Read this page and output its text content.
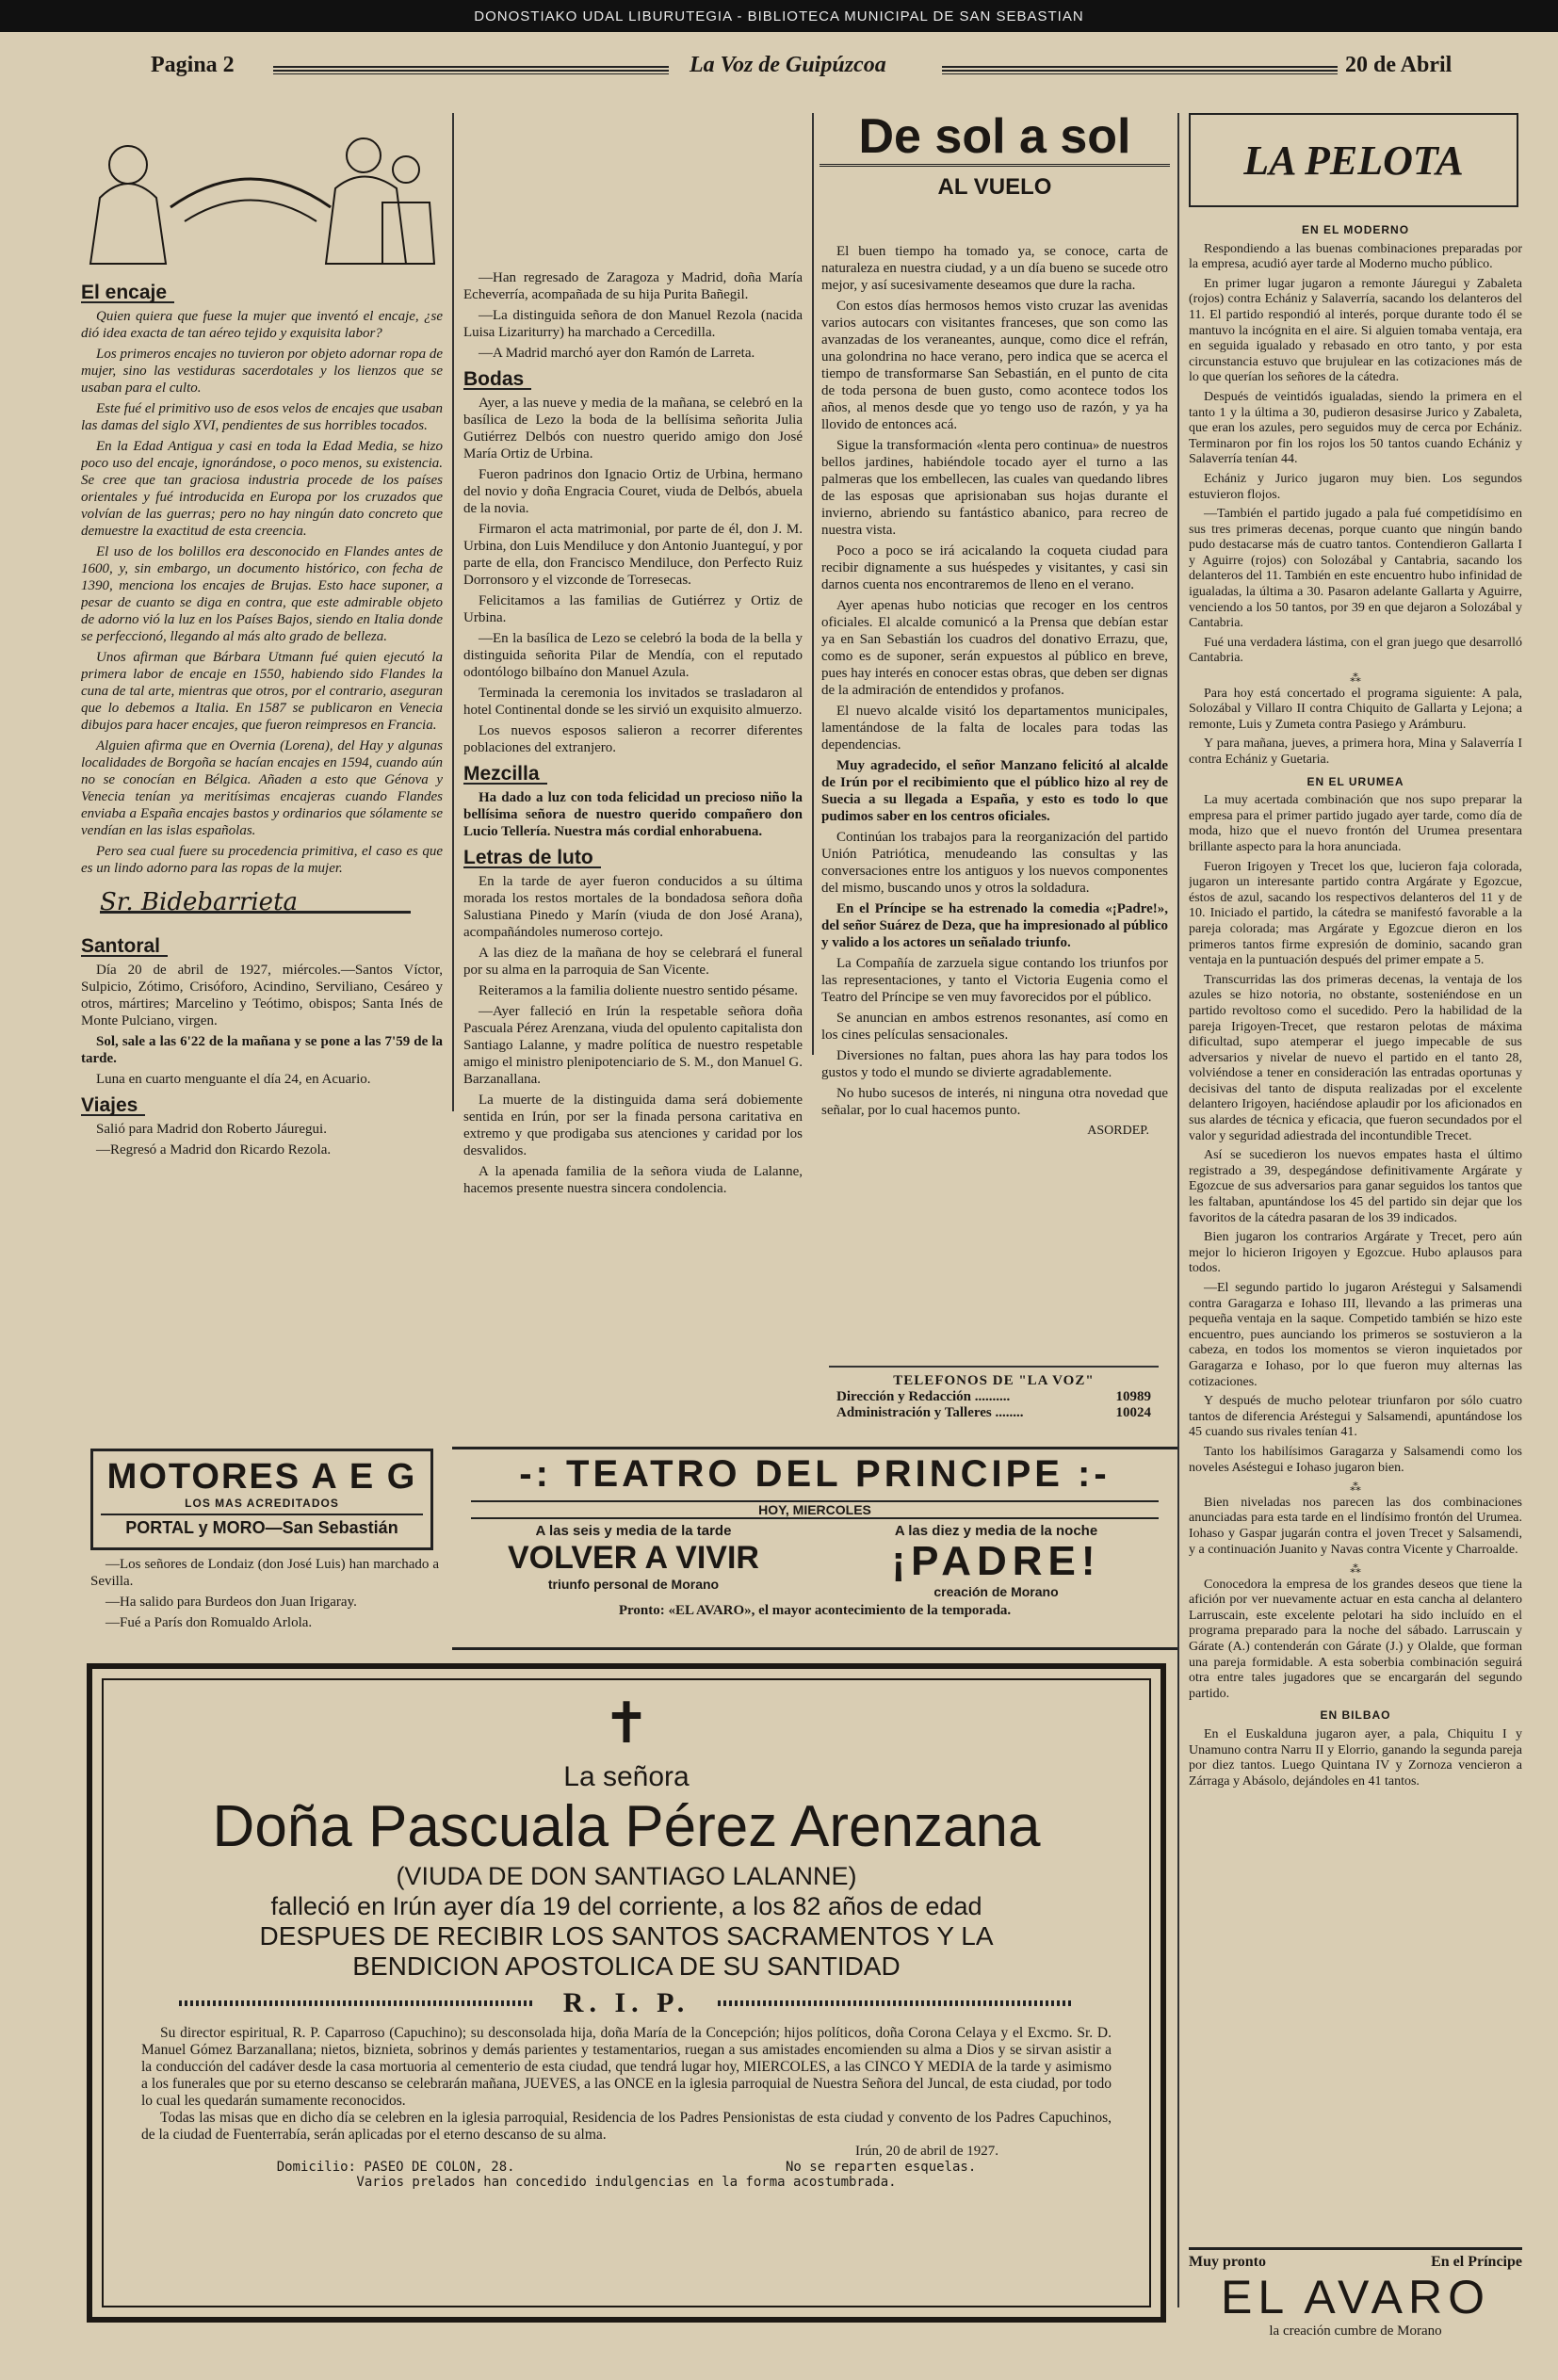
DONOSTIAKO UDAL LIBURUTEGIA - BIBLIOTECA MUNICIPAL DE SAN SEBASTIAN
Pagina 2	La Voz de Guipúzcoa	20 de Abril
El encaje

Quien quiera que fuese la mujer que inventó el encaje, ¿se dió idea exacta de tan aéreo tejido y exquisita labor?

Los primeros encajes no tuvieron por objeto adornar ropa de mujer, sino las vestiduras sacerdotales y los lienzos que se usaban para el culto.

Este fué el primitivo uso de esos velos de encajes que usaban las damas del siglo XVI, pendientes de sus horribles tocados.

En la Edad Antigua y casi en toda la Edad Media, se hizo poco uso del encaje, ignorándose, o poco menos, su existencia. Se cree que tan graciosa industria procede de los países orientales y fué introducida en Europa por los cruzados que volvían de las guerras; pero no hay ningún dato concreto que demuestre la exactitud de esta creencia.

El uso de los bolillos era desconocido en Flandes antes de 1600, y, sin embargo, un documento histórico, con fecha de 1390, menciona los encajes de Brujas. Esto hace suponer, a pesar de cuanto se diga en contra, que este admirable objeto de adorno vió la luz en los Países Bajos, siendo en Italia donde se perfeccionó, llegando al más alto grado de belleza.

Unos afirman que Bárbara Utmann fué quien ejecutó la primera labor de encaje en 1550, habiendo sido Flandes la cuna de tal arte, mientras que otros, por el contrario, aseguran que lo debemos a Italia. En 1587 se publicaron en Venecia dibujos para hacer encajes, que fueron reimpresos en Francia.

Alguien afirma que en Overnia (Lorena), del Hay y algunas localidades de Borgoña se hacían encajes en 1594, cuando aún no se conocían en Bélgica. Añaden a esto que Génova y Venecia tenían ya meritísimas encajeras cuando Flandes enviaba a España encajes bastos y ordinarios que sólamente se vendían en las islas españolas.

Pero sea cual fuere su procedencia primitiva, el caso es que es un lindo adorno para las ropas de la mujer.

Sr. Bidebarrieta
Santoral

Día 20 de abril de 1927, miércoles.—Santos Víctor, Sulpicio, Zótimo, Crisóforo, Acindino, Serviliano, Cesáreo y otros, mártires; Marcelino y Teótimo, obispos; Santa Inés de Monte Pulciano, virgen.

Sol, sale a las 6'22 de la mañana y se pone a las 7'59 de la tarde.

Luna en cuarto menguante el día 24, en Acuario.

Viajes

Salió para Madrid don Roberto Jáuregui.

—Regresó a Madrid don Ricardo Rezola.

MOTORES A E G
LOS MAS ACREDITADOS
PORTAL y MORO—San Sebastián

—Los señores de Londaiz (don José Luis) han marchado a Sevilla.

—Ha salido para Burdeos don Juan Irigaray.

—Fué a París don Romualdo Arlola.

—Han regresado de Zaragoza y Madrid, doña María Echeverría, acompañada de su hija Purita Bañegil.

—La distinguida señora de don Manuel Rezola (nacida Luisa Lizariturry) ha marchado a Cercedilla.

—A Madrid marchó ayer don Ramón de Larreta.

Bodas

Ayer, a las nueve y media de la mañana, se celebró en la basílica de Lezo la boda de la bellísima señorita Julia Gutiérrez Delbós con nuestro querido amigo don José María Ortiz de Urbina.

Fueron padrinos don Ignacio Ortiz de Urbina, hermano del novio y doña Engracia Couret, viuda de Delbós, abuela de la novia.

Firmaron el acta matrimonial, por parte de él, don J. M. Urbina, don Luis Mendiluce y don Antonio Juanteguí, y por parte de ella, don Francisco Mendiluce, don Perfecto Ruiz Dorronsoro y el vizconde de Torresecas.

Felicitamos a las familias de Gutiérrez y Ortiz de Urbina.

—En la basílica de Lezo se celebró la boda de la bella y distinguida señorita Pilar de Mendía, con el reputado odontólogo bilbaíno don Manuel Azula.

Terminada la ceremonia los invitados se trasladaron al hotel Continental donde se les sirvió un exquisito almuerzo.

Los nuevos esposos salieron a recorrer diferentes poblaciones del extranjero.

Mezcilla

Ha dado a luz con toda felicidad un precioso niño la bellísima señora de nuestro querido compañero don Lucio Tellería. Nuestra más cordial enhorabuena.

Letras de luto

En la tarde de ayer fueron conducidos a su última morada los restos mortales de la bondadosa señora doña Salustiana Pinedo y Marín (viuda de don José Arana), acompañándoles numeroso cortejo.

A las diez de la mañana de hoy se celebrará el funeral por su alma en la parroquia de San Vicente.

Reiteramos a la familia doliente nuestro sentido pésame.

—Ayer falleció en Irún la respetable señora doña Pascuala Pérez Arenzana, viuda del opulento capitalista don Santiago Lalanne, y madre política de nuestro respetable amigo el ministro plenipotenciario de S. M., don Manuel G. Barzanallana.

La muerte de la distinguida dama será dobiemente sentida en Irún, por ser la finada persona caritativa en extremo y que prodigaba sus atenciones y caridad por los desvalidos.

A la apenada familia de la señora viuda de Lalanne, hacemos presente nuestra sincera condolencia.

De sol a sol
AL VUELO

El buen tiempo ha tomado ya, se conoce, carta de naturaleza en nuestra ciudad, y a un día bueno se sucede otro mejor, y así sucesivamente deseamos que dure la racha.

Con estos días hermosos hemos visto cruzar las avenidas varios autocars con visitantes franceses, que son como las avanzadas de los veraneantes, aunque, como dice el refrán, una golondrina no hace verano, pero indica que se acerca el tiempo de transformarse San Sebastián, en el punto de cita de toda persona de buen gusto, como acontece todos los años, al menos desde que yo tengo uso de razón, y ya ha llovido de entonces acá.

Sigue la transformación «lenta pero continua» de nuestros bellos jardines, habiéndole tocado ayer el turno a las palmeras que los embellecen, las cuales van quedando libres de las esposas que aprisionaban sus hojas durante el invierno, abriendo su fantástico abanico, para recreo de nuestra vista.

Poco a poco se irá acicalando la coqueta ciudad para recibir dignamente a sus huéspedes y visitantes, y casi sin darnos cuenta nos encontraremos de lleno en el verano.

Ayer apenas hubo noticias que recoger en los centros oficiales. El alcalde comunicó a la Prensa que debían estar ya en San Sebastián los cuadros del donativo Errazu, que, como es de suponer, serán expuestos al público en breve, pues hay interés en conocer estas obras, que deben ser dignas de la admiración de entendidos y profanos.

El nuevo alcalde visitó los departamentos municipales, lamentándose de la falta de locales para todas las dependencias.

Muy agradecido, el señor Manzano felicitó al alcalde de Irún por el recibimiento que el público hizo al rey de Suecia a su llegada a España, y esto es todo lo que pudimos saber en los centros oficiales.

Continúan los trabajos para la reorganización del partido Unión Patriótica, menudeando las consultas y las conversaciones entre los antiguos y los nuevos componentes del mismo, buscando unos y otros la soldadura.

En el Príncipe se ha estrenado la comedia «¡Padre!», del señor Suárez de Deza, que ha impresionado al público y valido a los actores un señalado triunfo.

La Compañía de zarzuela sigue contando los triunfos por las representaciones, y tanto el Victoria Eugenia como el Teatro del Príncipe se ven muy favorecidos por el público.

Se anuncian en ambos estrenos resonantes, así como en los cines películas sensacionales.

Diversiones no faltan, pues ahora las hay para todos los gustos y todo el mundo se divierte agradablemente.

No hubo sucesos de interés, ni ninguna otra novedad que señalar, por lo cual hacemos punto.

ASORDEP.
TELEFONOS DE "LA VOZ"
Dirección y Redacción ..........	10989
Administración y Talleres ........	10024
-: TEATRO DEL PRINCIPE :-
HOY, MIERCOLES
A las seis y media de la tarde
VOLVER A VIVIR
triunfo personal de Morano
A las diez y media de la noche
¡PADRE!
creación de Morano
Pronto: «EL AVARO», el mayor acontecimiento de la temporada.
✝
La señora
Doña Pascuala Pérez Arenzana
(VIUDA DE DON SANTIAGO LALANNE)
falleció en Irún ayer día 19 del corriente, a los 82 años de edad
DESPUES DE RECIBIR LOS SANTOS SACRAMENTOS Y LA
BENDICION APOSTOLICA DE SU SANTIDAD
R. I. P.

Su director espiritual, R. P. Caparroso (Capuchino); su desconsolada hija, doña María de la Concepción; hijos políticos, doña Corona Celaya y el Excmo. Sr. D. Manuel Gómez Barzanallana; nietos, biznieta, sobrinos y demás parientes y testamentarios, ruegan a sus amistades encomienden su alma a Dios y se sirvan asistir a la conducción del cadáver desde la casa mortuoria al cementerio de esta ciudad, que tendrá lugar hoy, MIERCOLES, a las CINCO Y MEDIA de la tarde y asimismo a los funerales que por su eterno descanso se celebrarán mañana, JUEVES, a las ONCE en la iglesia parroquial de Nuestra Señora del Juncal, de esta ciudad, por todo lo cual les quedarán sumamente reconocidos.

Todas las misas que en dicho día se celebren en la iglesia parroquial, Residencia de los Padres Pensionistas de esta ciudad y convento de los Padres Capuchinos, de la ciudad de Fuenterrabía, serán aplicadas por el eterno descanso de su alma.

Irún, 20 de abril de 1927.
Domicilio: PASEO DE COLON, 28.	No se reparten esquelas.
Varios prelados han concedido indulgencias en la forma acostumbrada.
LA PELOTA
EN EL MODERNO

Respondiendo a las buenas combinaciones preparadas por la empresa, acudió ayer tarde al Moderno mucho público.

En primer lugar jugaron a remonte Jáuregui y Zabaleta (rojos) contra Echániz y Salaverría, sacando los delanteros del 11. El partido respondió al interés, porque durante todo él se mantuvo la incógnita en el aire. Si alguien tomaba ventaja, era en seguida igualado y rebasado en otro tanto, y por esta circunstancia estuvo que brujulear en las cotizaciones más de lo que querían los señores de la cátedra.

Después de veintidós igualadas, siendo la primera en el tanto 1 y la última a 30, pudieron desasirse Jurico y Zabaleta, que eran los azules, pero seguidos muy de cerca por Echániz. Terminaron por fin los rojos los 50 tantos cuando Echániz y Salaverría tenían 44.

Echániz y Jurico jugaron muy bien. Los segundos estuvieron flojos.

—También el partido jugado a pala fué competidísimo en sus tres primeras decenas, porque cuanto que ningún bando pudo destacarse más de cuatro tantos. Contendieron Gallarta I y Aguirre (rojos) con Solozábal y Cantabria, sacando los delanteros del 11. También en este encuentro hubo infinidad de igualadas, la última a 30. Pasaron adelante Gallarta y Aguirre, venciendo a los 50 tantos, por 39 en que dejaron a Solozábal y Cantabria.

Fué una verdadera lástima, con el gran juego que desarrolló Cantabria.

⁂

Para hoy está concertado el programa siguiente: A pala, Solozábal y Villaro II contra Chiquito de Gallarta y Lejona; a remonte, Luis y Zumeta contra Pasiego y Arámburu.

Y para mañana, jueves, a primera hora, Mina y Salaverría I contra Echániz y Guetaria.

EN EL URUMEA

La muy acertada combinación que nos supo preparar la empresa para el primer partido jugado ayer tarde, como día de moda, hizo que el nuevo frontón del Urumea presentara brillante aspecto para la hora anunciada.

Fueron Irigoyen y Trecet los que, lucieron faja colorada, jugaron un interesante partido contra Argárate y Egozcue, éstos de azul, sacando los respectivos delanteros del 11 y de 10. Iniciado el partido, la cátedra se manifestó favorable a la pareja colorada; mas Argárate y Egozcue dieron en los primeros tantos firme expresión de dominio, sacando gran ventaja en la puntuación después del primer empate a 5.

Transcurridas las dos primeras decenas, la ventaja de los azules se hizo notoria, no obstante, sosteniéndose en un partido revoltoso como el sucedido. Pero la habilidad de la pareja Irigoyen-Trecet, que restaron pelotas de máxima dificultad, supo atemperar el juego impecable de sus adversarios y nivelar de nuevo el partido en el tanto 28, volviéndose a tener en consideración las entradas oportunas y decisivas del tanto de disputa realizadas por el excelente delantero Irigoyen, haciéndose aplaudir por los aficionados en sus alardes de técnica y eficacia, que fueron secundados por el valor y seguridad adiestrada del incontundible Trecet.

Así se sucedieron los nuevos empates hasta el último registrado a 39, despegándose definitivamente Argárate y Egozcue de sus adversarios para ganar seguidos los tantos que les faltaban, apuntándose los 45 del partido sin dejar que los favoritos de la cátedra pasaran de los 39 indicados.

Bien jugaron los contrarios Argárate y Trecet, pero aún mejor lo hicieron Irigoyen y Egozcue. Hubo aplausos para todos.

—El segundo partido lo jugaron Aréstegui y Salsamendi contra Garagarza e Iohaso III, llevando a las primeras una pequeña ventaja en la saque. Competido también se hizo este encuentro, pues aunciando los primeros se sostuvieron a la cabeza, en todos los momentos se vieron inquietados por Garagarza e Iohaso, por lo que fueron muy alternas las cotizaciones.

Y después de mucho pelotear triunfaron por sólo cuatro tantos de diferencia Aréstegui y Salsamendi, apuntándose los 45 cuando sus rivales tenían 41.

Tanto los habilísimos Garagarza y Salsamendi como los noveles Aséstegui e Iohaso jugaron bien.

⁂

Bien niveladas nos parecen las dos combinaciones anunciadas para esta tarde en el lindísimo frontón del Urumea. Iohaso y Gaspar jugarán contra el joven Trecet y Salsamendi, y a continuación Juanito y Navas contra Vicente y Charroalde.

⁂

Conocedora la empresa de los grandes deseos que tiene la afición por ver nuevamente actuar en esta cancha al delantero Larruscain, este excelente pelotari ha sido incluído en el programa preparado para la noche del sábado. Larruscain y Gárate (A.) contenderán con Gárate (J.) y Olalde, que forman una pareja formidable. A esta soberbia combinación seguirá otra entre tales jugadores que se encargarán del segundo partido.

EN BILBAO

En el Euskalduna jugaron ayer, a pala, Chiquitu I y Unamuno contra Narru II y Elorrio, ganando la segunda pareja por diez tantos. Luego Quintana IV y Zornoza vencieron a Zárraga y Abásolo, dejándoles en 41 tantos.

Muy pronto	En el Príncipe
EL AVARO
la creación cumbre de Morano
